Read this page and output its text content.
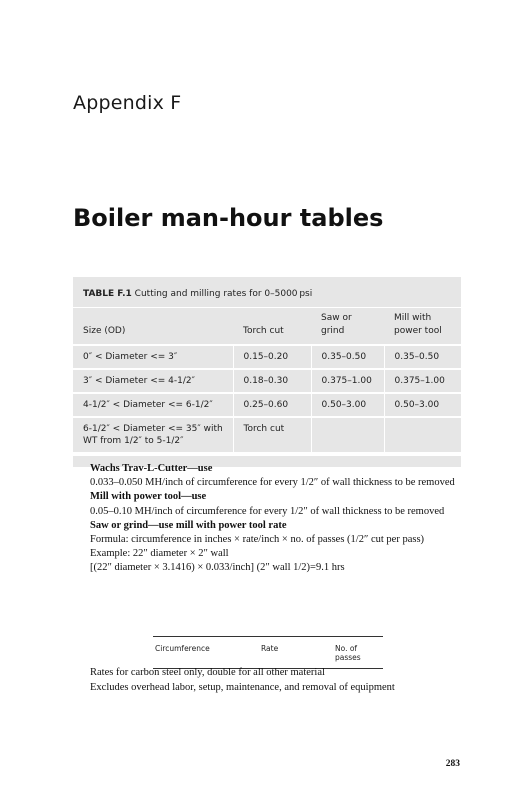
Appendix F
Boiler man-hour tables
TABLE F.1 Cutting and milling rates for 0–5000 psi
Size (OD)	Torch cut	Saw or grind	Mill with power tool
0″ < Diameter <= 3″	0.15–0.20	0.35–0.50	0.35–0.50
3″ < Diameter <= 4-1/2″	0.18–0.30	0.375–1.00	0.375–1.00
4-1/2″ < Diameter <= 6-1/2″	0.25–0.60	0.50–3.00	0.50–3.00
6-1/2″ < Diameter <= 35″ with WT from 1/2″ to 5-1/2″	Torch cut		

Wachs Trav-L-Cutter—use

0.033–0.050 MH/inch of circumference for every 1/2″ of wall thickness to be removed

Mill with power tool—use

0.05–0.10 MH/inch of circumference for every 1/2″ of wall thickness to be removed

Saw or grind—use mill with power tool rate

Formula: circumference in inches × rate/inch × no. of passes (1/2″ cut per pass)

Example: 22″ diameter × 2″ wall

[(22″ diameter × 3.1416) × 0.033/inch] (2″ wall 1/2)=9.1 hrs

Circumference	Rate	No. of passes

Rates for carbon steel only, double for all other material

Excludes overhead labor, setup, maintenance, and removal of equipment

283
